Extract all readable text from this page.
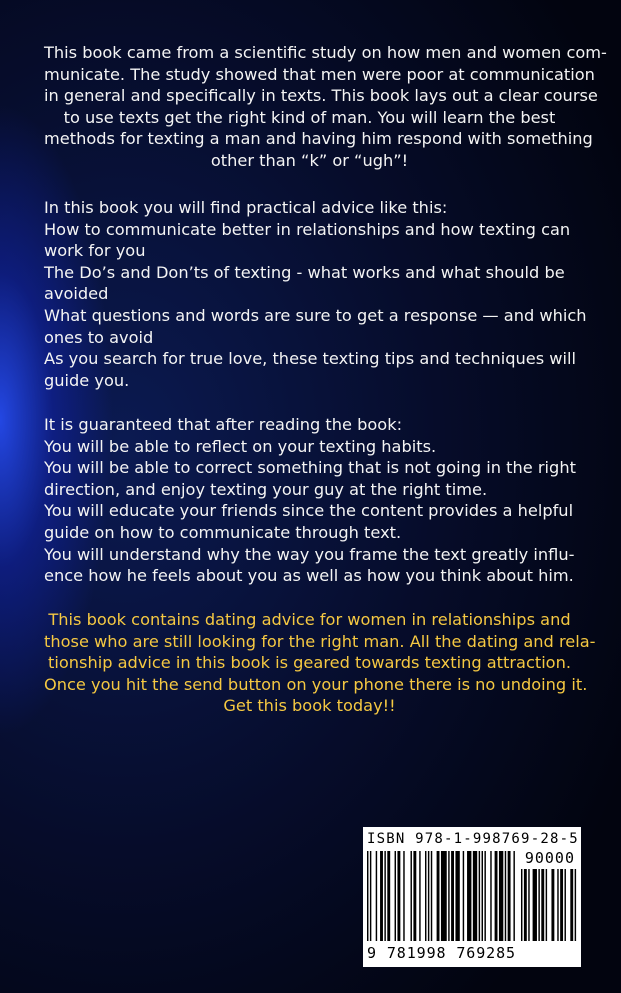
This book came from a scientific study on how men and women com-
municate. The study showed that men were poor at communication
in general and specifically in texts. This book lays out a clear course
to use texts get the right kind of man. You will learn the best
methods for texting a man and having him respond with something
other than “k” or “ugh”!
In this book you will find practical advice like this:
How to communicate better in relationships and how texting can
work for you
The Do’s and Don’ts of texting - what works and what should be
avoided
What questions and words are sure to get a response — and which
ones to avoid
As you search for true love, these texting tips and techniques will
guide you.
It is guaranteed that after reading the book:
You will be able to reflect on your texting habits.
You will be able to correct something that is not going in the right
direction, and enjoy texting your guy at the right time.
You will educate your friends since the content provides a helpful
guide on how to communicate through text.
You will understand why the way you frame the text greatly influ-
ence how he feels about you as well as how you think about him.
This book contains dating advice for women in relationships and
those who are still looking for the right man. All the dating and rela-
tionship advice in this book is geared towards texting attraction.
Once you hit the send button on your phone there is no undoing it.
Get this book today!!
ISBN 978-1-998769-28-5
90000
9 781998 769285
